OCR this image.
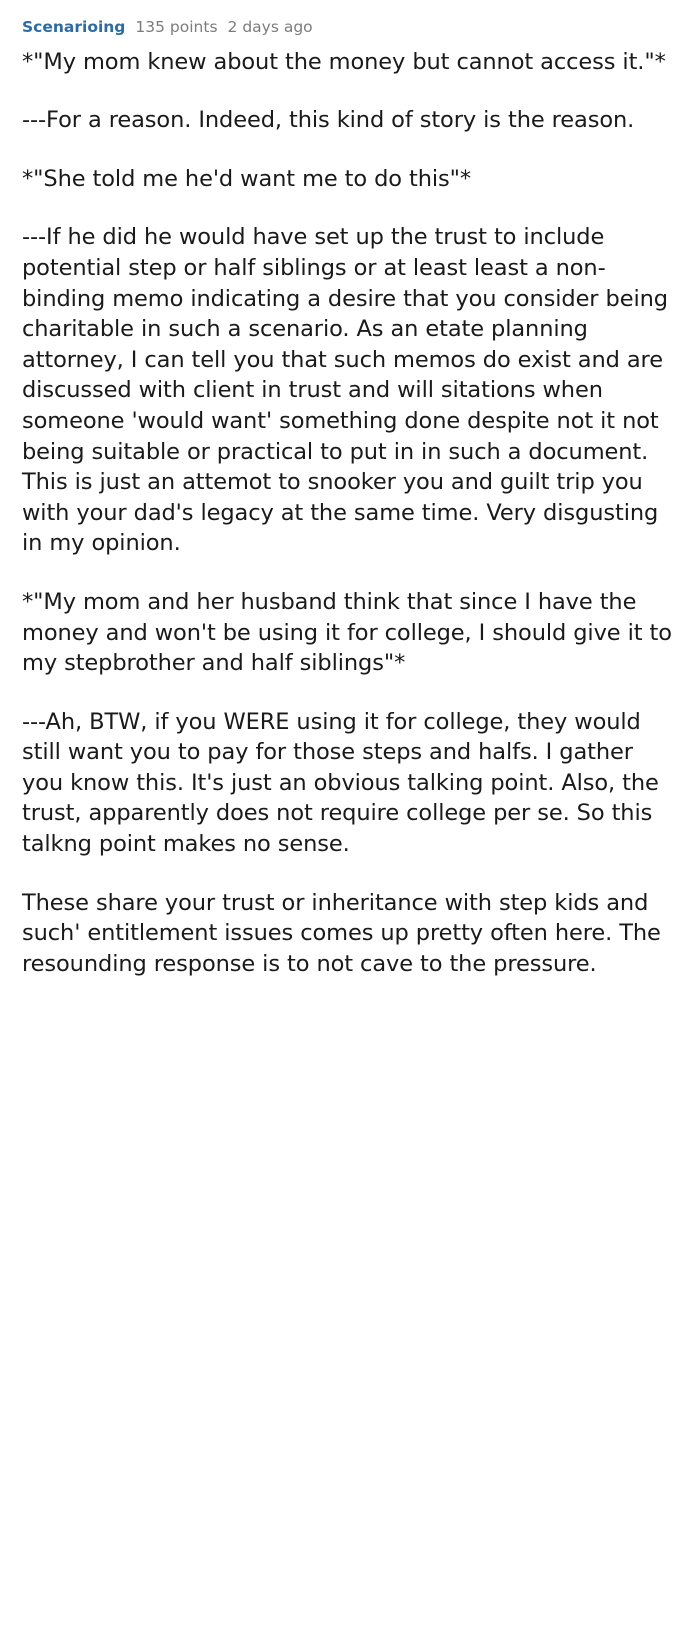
Scenarioing 135 points 2 days ago

*"My mom knew about the money but cannot access it."*

---For a reason. Indeed, this kind of story is the reason.

*"She told me he'd want me to do this"*

---If he did he would have set up the trust to include potential step or half siblings or at least least a non-binding memo indicating a desire that you consider being charitable in such a scenario. As an etate planning attorney, I can tell you that such memos do exist and are discussed with client in trust and will sitations when someone 'would want' something done despite not it not being suitable or practical to put in in such a document. This is just an attemot to snooker you and guilt trip you with your dad's legacy at the same time. Very disgusting in my opinion.

*"My mom and her husband think that since I have the money and won't be using it for college, I should give it to my stepbrother and half siblings"*

---Ah, BTW, if you WERE using it for college, they would still want you to pay for those steps and halfs. I gather you know this. It's just an obvious talking point. Also, the trust, apparently does not require college per se. So this talkng point makes no sense.

These share your trust or inheritance with step kids and such' entitlement issues comes up pretty often here. The resounding response is to not cave to the pressure.
